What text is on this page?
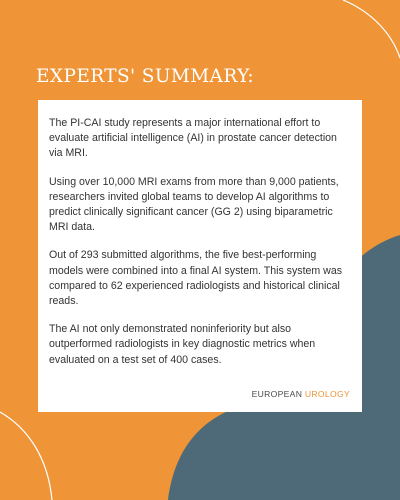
EXPERTS' SUMMARY:

The PI-CAI study represents a major international effort to evaluate artificial intelligence (AI) in prostate cancer detection via MRI.

Using over 10,000 MRI exams from more than 9,000 patients, researchers invited global teams to develop AI algorithms to predict clinically significant cancer (GG 2) using biparametric MRI data.

Out of 293 submitted algorithms, the five best-performing models were combined into a final AI system. This system was compared to 62 experienced radiologists and historical clinical reads.

The AI not only demonstrated noninferiority but also outperformed radiologists in key diagnostic metrics when evaluated on a test set of 400 cases.

EUROPEAN UROLOGY
